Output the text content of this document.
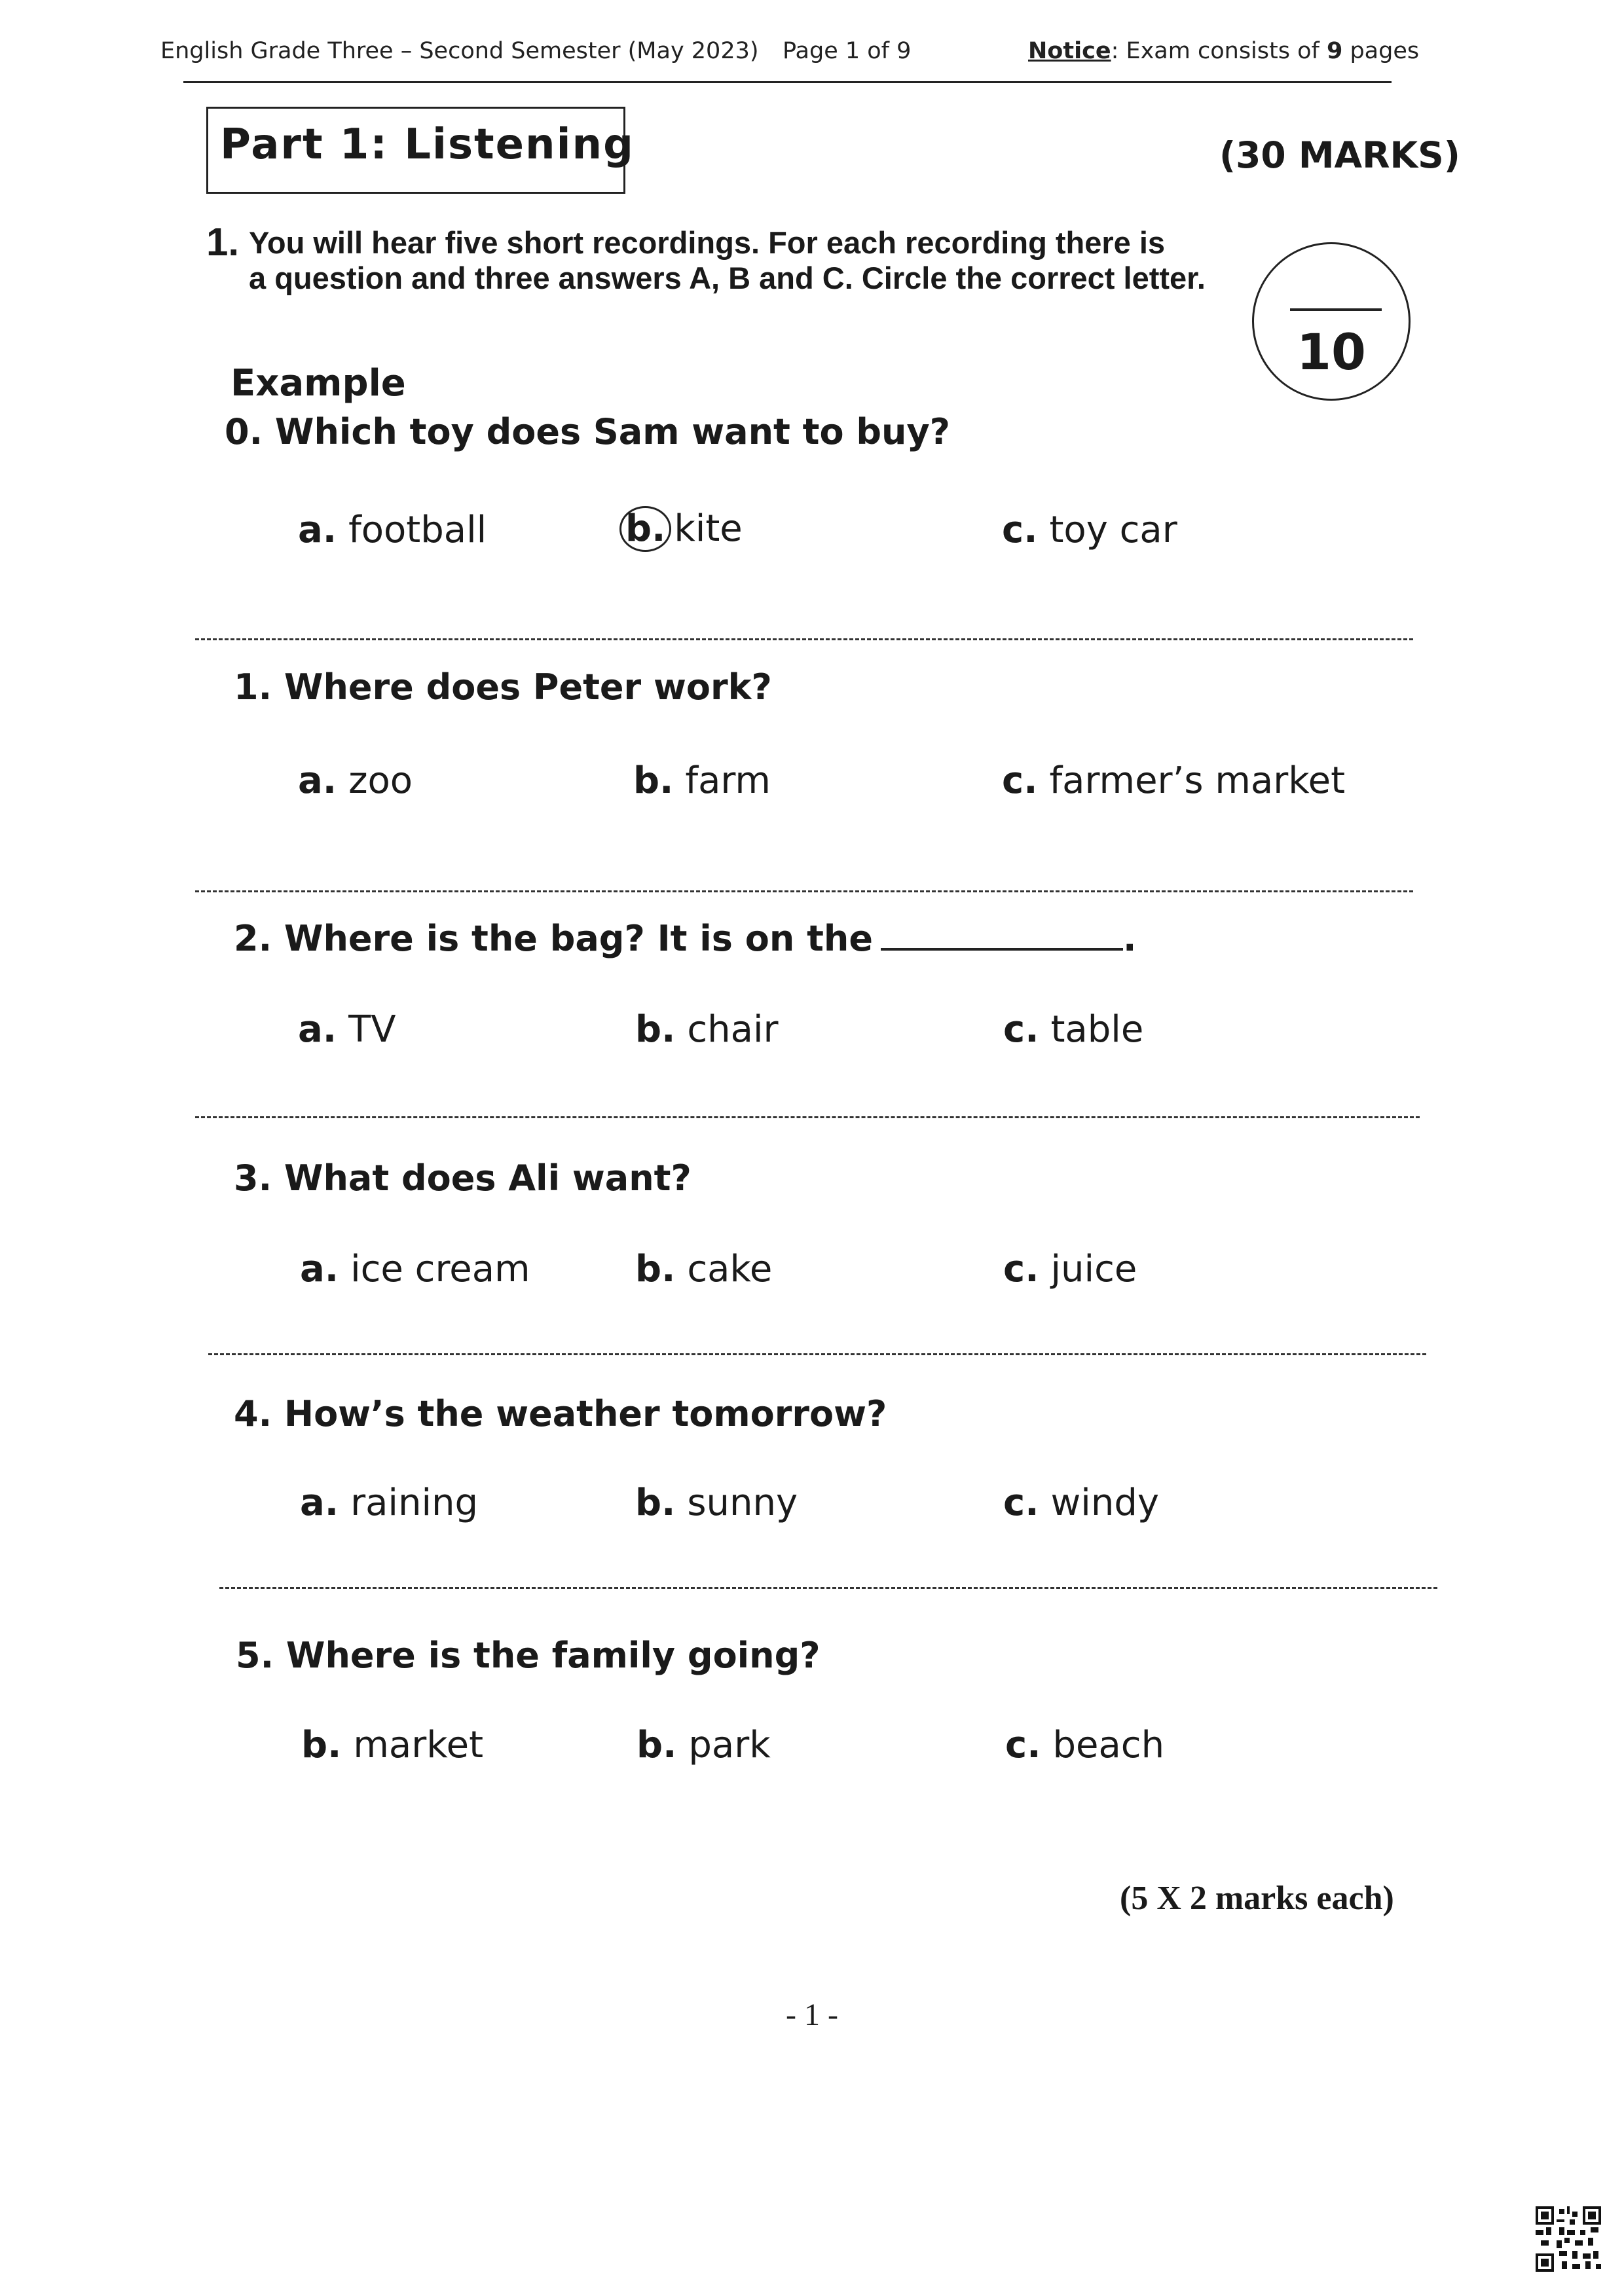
English Grade Three – Second Semester (May 2023) Page 1 of 9	Notice: Exam consists of 9 pages
Part 1: Listening	(30 MARKS)
1. You will hear five short recordings. For each recording there is
a question and three answers A, B and C. Circle the correct letter.
10
Example
0. Which toy does Sam want to buy?
a. football	b. kite	c. toy car
1. Where does Peter work?
a. zoo	b. farm	c. farmer’s market
2. Where is the bag? It is on the	.
a. TV	b. chair	c. table
3. What does Ali want?
a. ice cream	b. cake	c. juice
4. How’s the weather tomorrow?
a. raining	b. sunny	c. windy
5. Where is the family going?
b. market	b. park	c. beach
(5 X 2 marks each)
- 1 -
